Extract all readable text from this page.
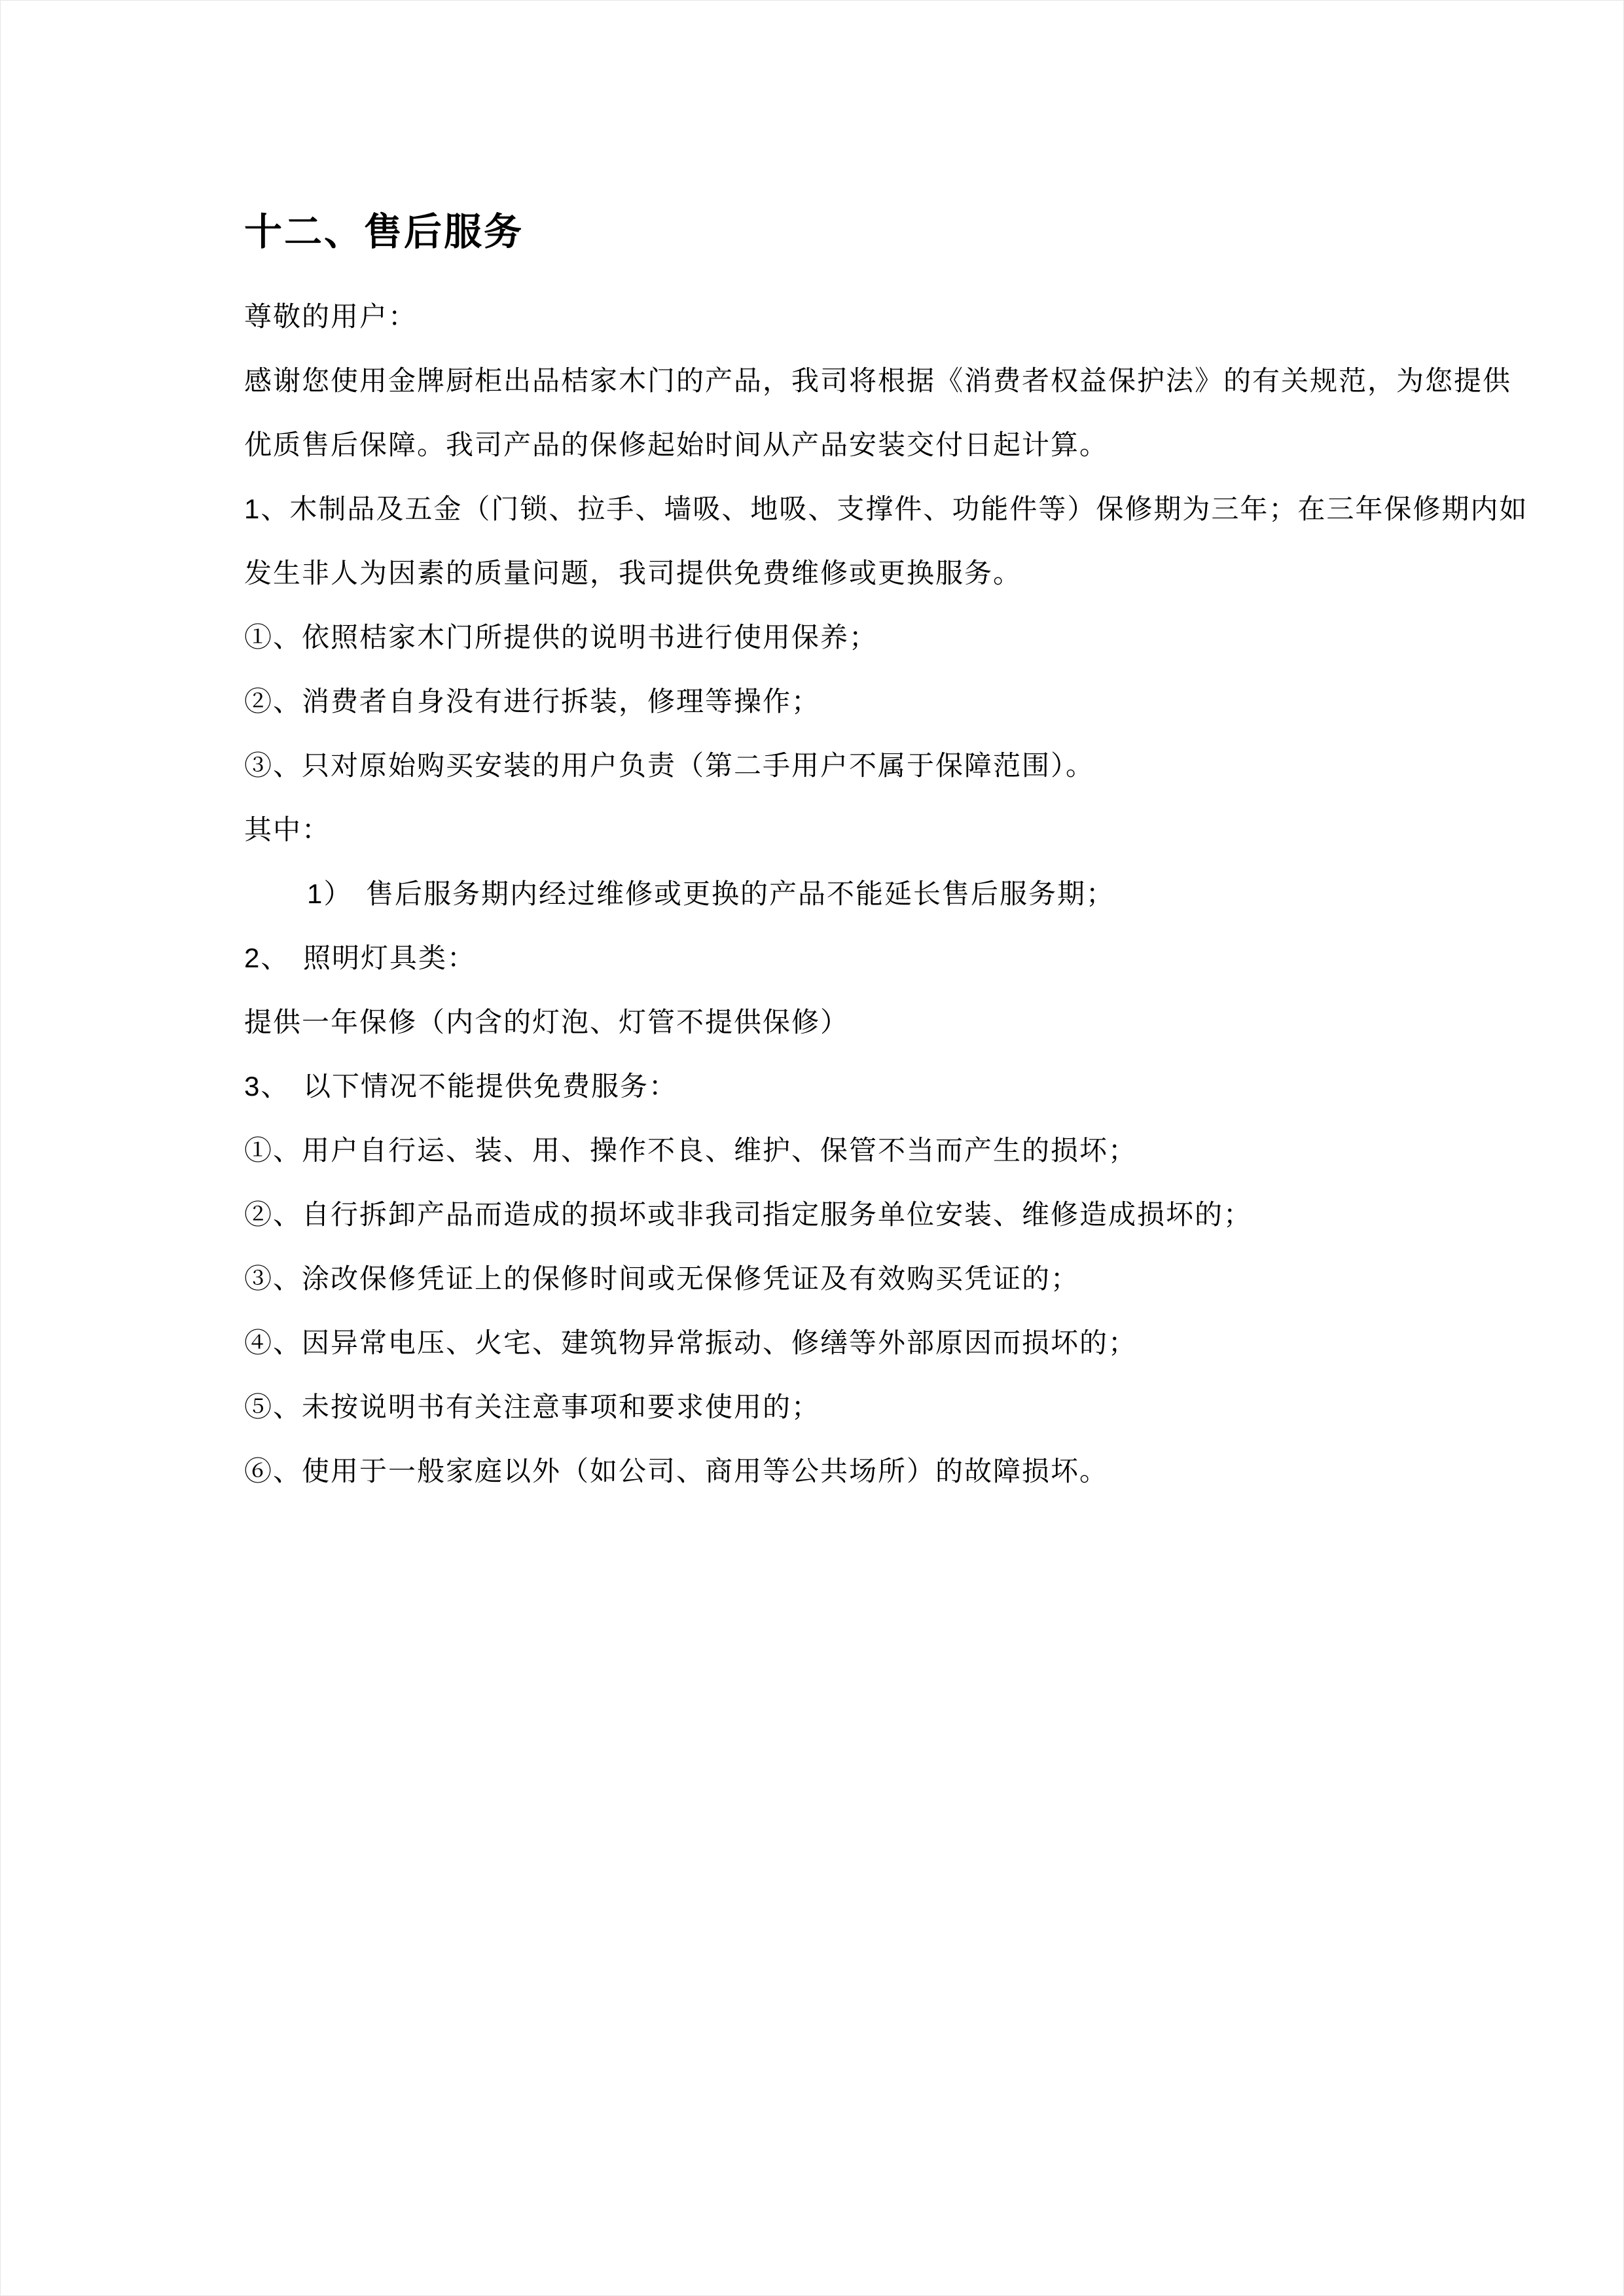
十二、售后服务

尊敬的用户：

感谢您使用金牌厨柜出品桔家木门的产品，我司将根据《消费者权益保护法》的有关规范，为您提供

优质售后保障。我司产品的保修起始时间从产品安装交付日起计算。

1、木制品及五金（门锁、拉手、墙吸、地吸、支撑件、功能件等）保修期为三年；在三年保修期内如

发生非人为因素的质量问题，我司提供免费维修或更换服务。

①、依照桔家木门所提供的说明书进行使用保养；

②、消费者自身没有进行拆装，修理等操作；

③、只对原始购买安装的用户负责（第二手用户不属于保障范围）。

其中：

1） 售后服务期内经过维修或更换的产品不能延长售后服务期；

2、 照明灯具类：

提供一年保修（内含的灯泡、灯管不提供保修）

3、 以下情况不能提供免费服务：

①、用户自行运、装、用、操作不良、维护、保管不当而产生的损坏；

②、自行拆卸产品而造成的损坏或非我司指定服务单位安装、维修造成损坏的；

③、涂改保修凭证上的保修时间或无保修凭证及有效购买凭证的；

④、因异常电压、火宅、建筑物异常振动、修缮等外部原因而损坏的；

⑤、未按说明书有关注意事项和要求使用的；

⑥、使用于一般家庭以外（如公司、商用等公共场所）的故障损坏。
